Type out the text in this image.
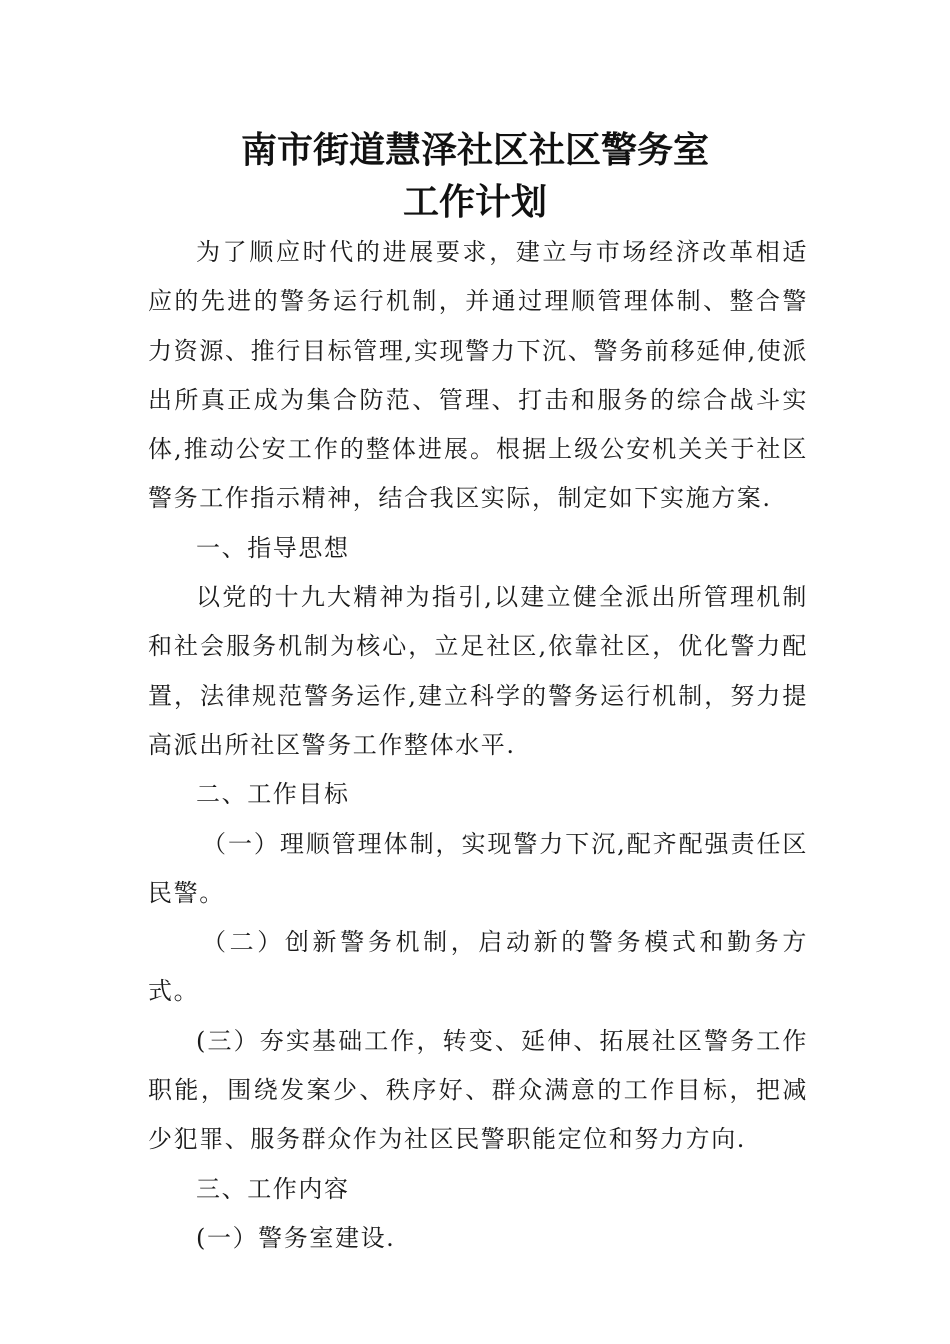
南市街道慧泽社区社区警务室
工作计划

为了顺应时代的进展要求，建立与市场经济改革相适应的先进的警务运行机制，并通过理顺管理体制、整合警力资源、推行目标管理,实现警力下沉、警务前移延伸,使派出所真正成为集合防范、管理、打击和服务的综合战斗实体,推动公安工作的整体进展。根据上级公安机关关于社区警务工作指示精神，结合我区实际，制定如下实施方案.

一、指导思想

以党的十九大精神为指引,以建立健全派出所管理机制和社会服务机制为核心，立足社区,依靠社区，优化警力配置，法律规范警务运作,建立科学的警务运行机制，努力提高派出所社区警务工作整体水平.

二、工作目标

（一）理顺管理体制，实现警力下沉,配齐配强责任区民警。

（二）创新警务机制，启动新的警务模式和勤务方式。

(三）夯实基础工作，转变、延伸、拓展社区警务工作职能，围绕发案少、秩序好、群众满意的工作目标，把减少犯罪、服务群众作为社区民警职能定位和努力方向.

三、工作内容

(一）警务室建设.
